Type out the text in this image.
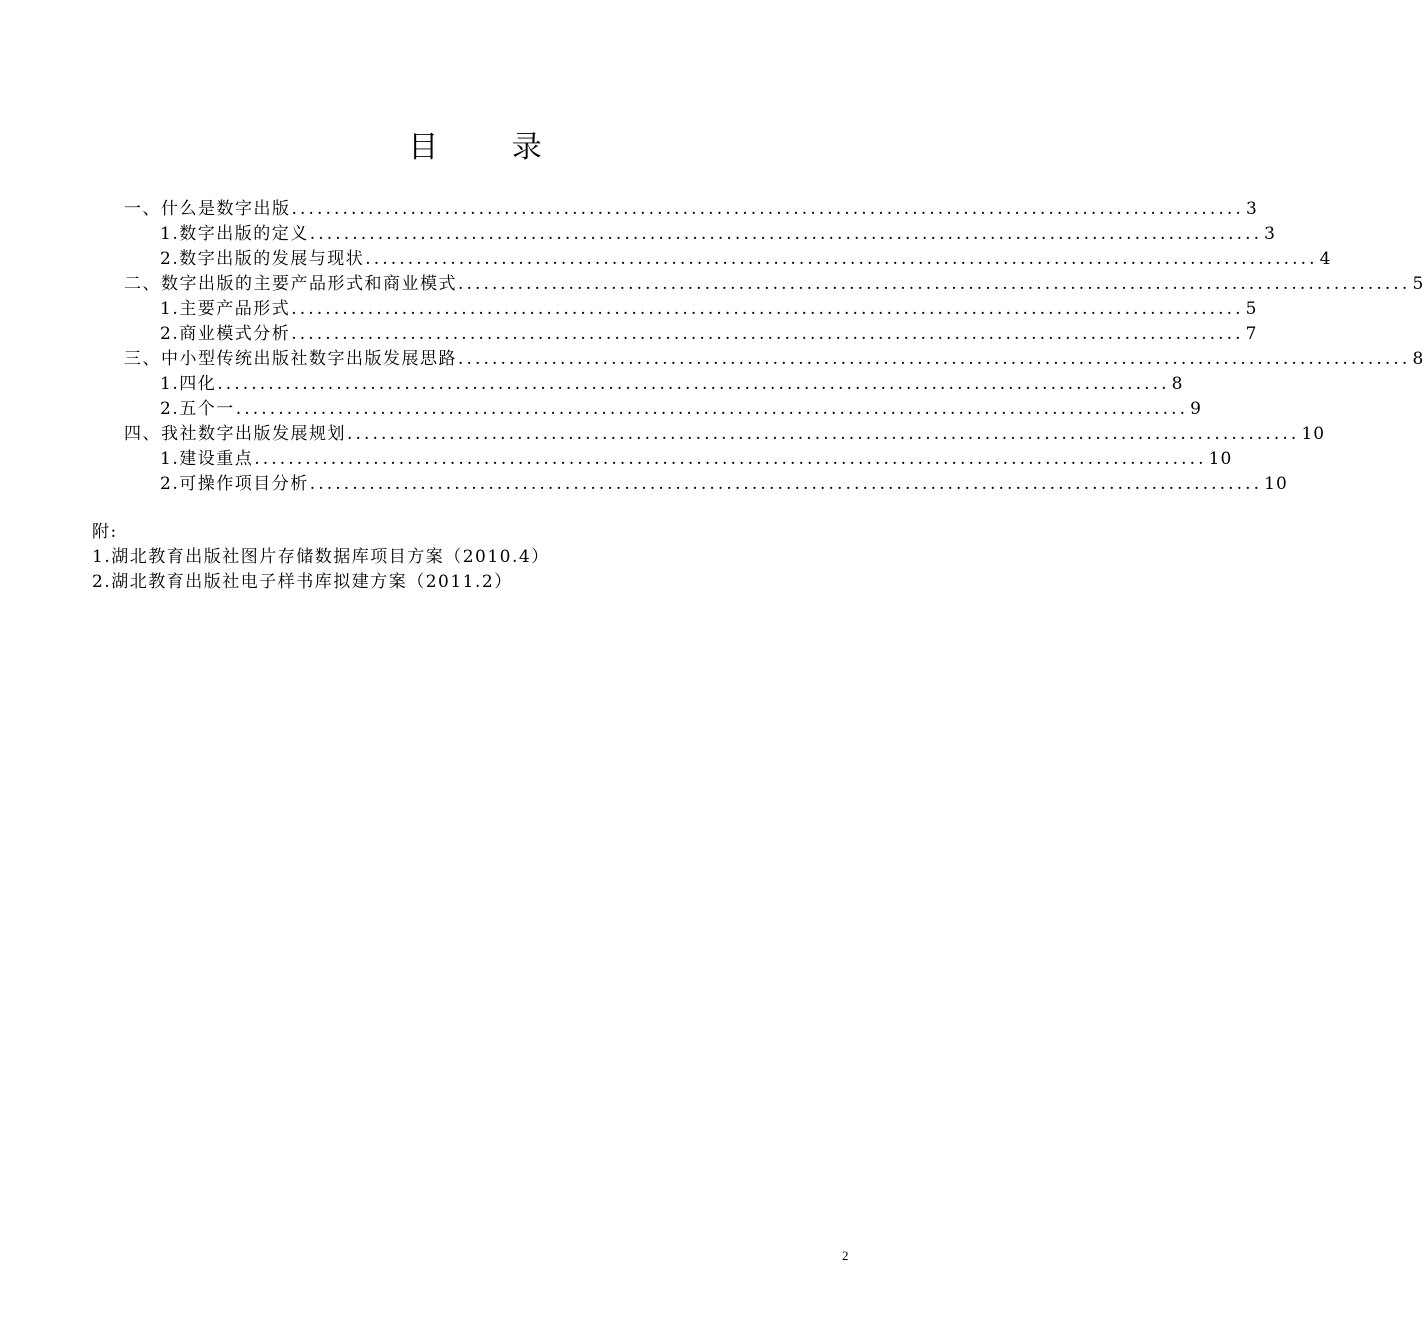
目 录
一、什么是数字出版 ................................................................................................................ 3
1.数字出版的定义 ................................................................................................................ 3
2.数字出版的发展与现状 ................................................................................................................ 4
二、数字出版的主要产品形式和商业模式 ................................................................................................................ 5
1.主要产品形式 ................................................................................................................ 5
2.商业模式分析 ................................................................................................................ 7
三、中小型传统出版社数字出版发展思路 ................................................................................................................ 8
1.四化 ................................................................................................................ 8
2.五个一 ................................................................................................................ 9
四、我社数字出版发展规划 ................................................................................................................ 10
1.建设重点 ................................................................................................................ 10
2.可操作项目分析 ................................................................................................................ 10
附:
1.湖北教育出版社图片存储数据库项目方案（2010.4）
2.湖北教育出版社电子样书库拟建方案（2011.2）
2
